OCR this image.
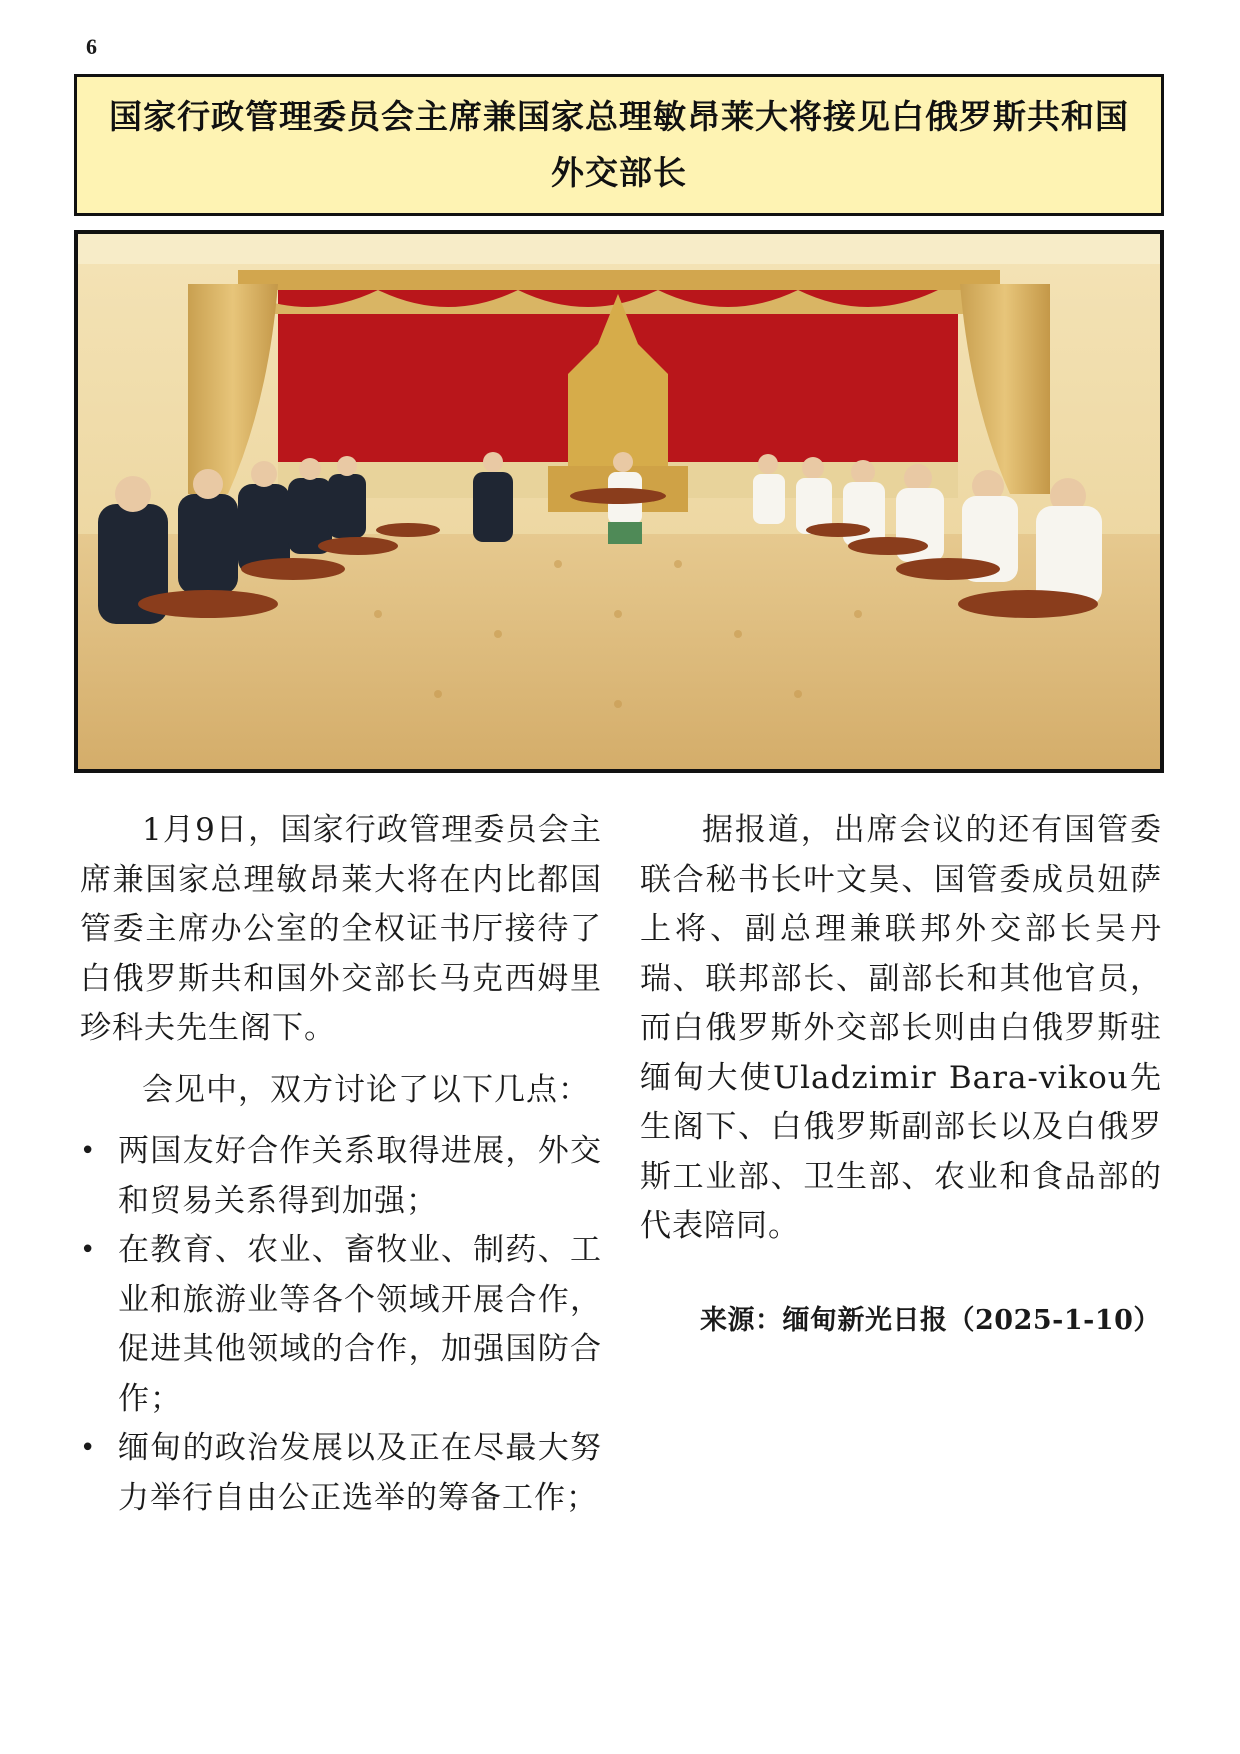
6
国家行政管理委员会主席兼国家总理敏昂莱大将接见白俄罗斯共和国外交部长

1月9日，国家行政管理委员会主席兼国家总理敏昂莱大将在内比都国管委主席办公室的全权证书厅接待了白俄罗斯共和国外交部长马克西姆里珍科夫先生阁下。

会见中，双方讨论了以下几点：

• 两国友好合作关系取得进展，外交和贸易关系得到加强；
• 在教育、农业、畜牧业、制药、工业和旅游业等各个领域开展合作，促进其他领域的合作，加强国防合作；
• 缅甸的政治发展以及正在尽最大努力举行自由公正选举的筹备工作；

据报道，出席会议的还有国管委联合秘书长叶文昊、国管委成员妞萨上将、副总理兼联邦外交部长吴丹瑞、联邦部长、副部长和其他官员，而白俄罗斯外交部长则由白俄罗斯驻缅甸大使Uladzimir Bara-vikou先生阁下、白俄罗斯副部长以及白俄罗斯工业部、卫生部、农业和食品部的代表陪同。

来源：缅甸新光日报（2025-1-10）
